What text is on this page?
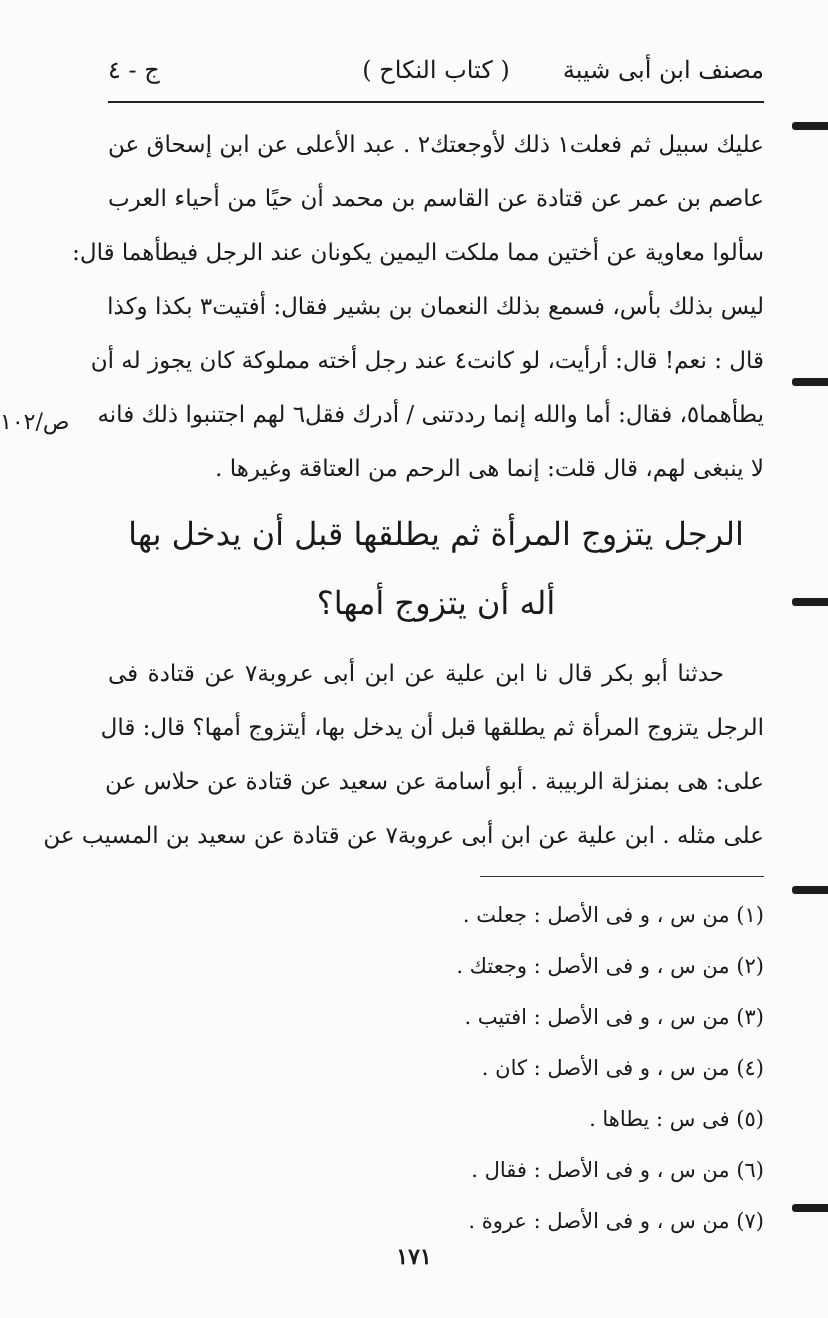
مصنف ابن أبى شيبة
( كتاب النكاح )
ج - ٤
عليك سبيل ثم فعلت١ ذلك لأوجعتك٢ . عبد الأعلى عن ابن إسحاق عن
عاصم بن عمر عن قتادة عن القاسم بن محمد أن حيًا من أحياء العرب
سألوا معاوية عن أختين مما ملكت اليمين يكونان عند الرجل فيطأهما قال:
ليس بذلك بأس، فسمع بذلك النعمان بن بشير فقال: أفتيت٣ بكذا وكذا
قال : نعم! قال: أرأيت، لو كانت٤ عند رجل أخته مملوكة كان يجوز له أن
يطأهما٥، فقال: أما والله إنما رددتنى / أدرك فقل٦ لهم اجتنبوا ذلك فانه
لا ينبغى لهم، قال قلت: إنما هى الرحم من العتاقة وغيرها .
ص/١٠٢
الرجل يتزوج المرأة ثم يطلقها قبل أن يدخل بها
أله أن يتزوج أمها؟
حدثنا أبو بكر قال نا ابن علية عن ابن أبى عروبة٧ عن قتادة فى
الرجل يتزوج المرأة ثم يطلقها قبل أن يدخل بها، أيتزوج أمها؟ قال: قال
على: هى بمنزلة الربيبة . أبو أسامة عن سعيد عن قتادة عن حلاس عن
على مثله . ابن علية عن ابن أبى عروبة٧ عن قتادة عن سعيد بن المسيب عن
(١) من س ، و فى الأصل : جعلت .
(٢) من س ، و فى الأصل : وجعتك .
(٣) من س ، و فى الأصل : افتيب .
(٤) من س ، و فى الأصل : كان .
(٥) فى س : يطاها .
(٦) من س ، و فى الأصل : فقال .
(٧) من س ، و فى الأصل : عروة .
١٧١
